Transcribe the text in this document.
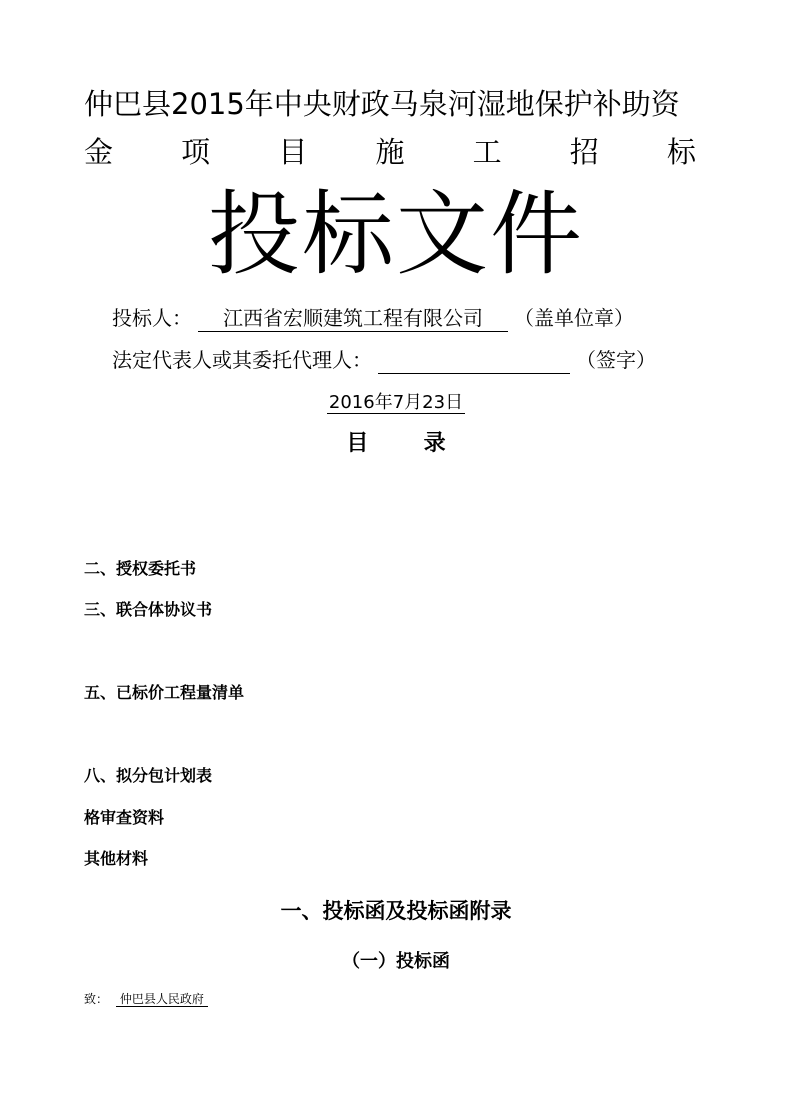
仲巴县2015年中央财政马泉河湿地保护补助资
金 项 目 施 工 招 标
投标文件
投标人：	江西省宏顺建筑工程有限公司	（盖单位章）
法定代表人或其委托代理人：	（签字）
2016年7月23日
目	录
二、授权委托书
三、联合体协议书
五、已标价工程量清单
八、拟分包计划表
格审查资料
其他材料
一、投标函及投标函附录
（一）投标函
致： 仲巴县人民政府
